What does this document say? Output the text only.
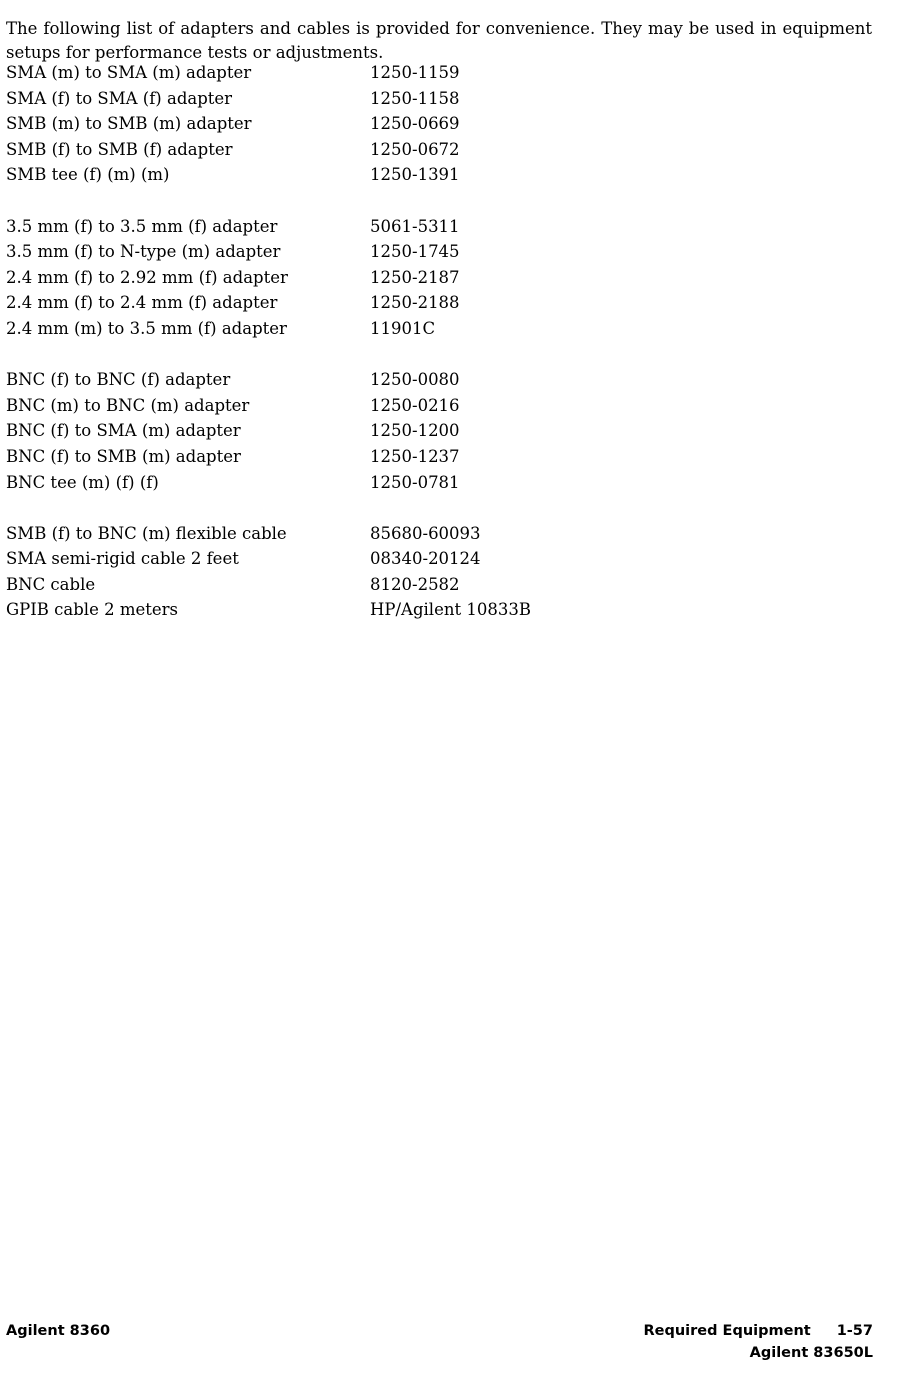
The following list of adapters and cables is provided for convenience. They may be used in equipment setups for performance tests or adjustments.

SMA (m) to SMA (m) adapter	1250-1159
SMA (f) to SMA (f) adapter	1250-1158
SMB (m) to SMB (m) adapter	1250-0669
SMB (f) to SMB (f) adapter	1250-0672
SMB tee (f) (m) (m)	1250-1391
3.5 mm (f) to 3.5 mm (f) adapter	5061-5311
3.5 mm (f) to N-type (m) adapter	1250-1745
2.4 mm (f) to 2.92 mm (f) adapter	1250-2187
2.4 mm (f) to 2.4 mm (f) adapter	1250-2188
2.4 mm (m) to 3.5 mm (f) adapter	11901C
BNC (f) to BNC (f) adapter	1250-0080
BNC (m) to BNC (m) adapter	1250-0216
BNC (f) to SMA (m) adapter	1250-1200
BNC (f) to SMB (m) adapter	1250-1237
BNC tee (m) (f) (f)	1250-0781
SMB (f) to BNC (m) flexible cable	85680-60093
SMA semi-rigid cable 2 feet	08340-20124
BNC cable	8120-2582
GPIB cable 2 meters	HP/Agilent 10833B
Agilent 8360	Required Equipment 1-57
Agilent 83650L
